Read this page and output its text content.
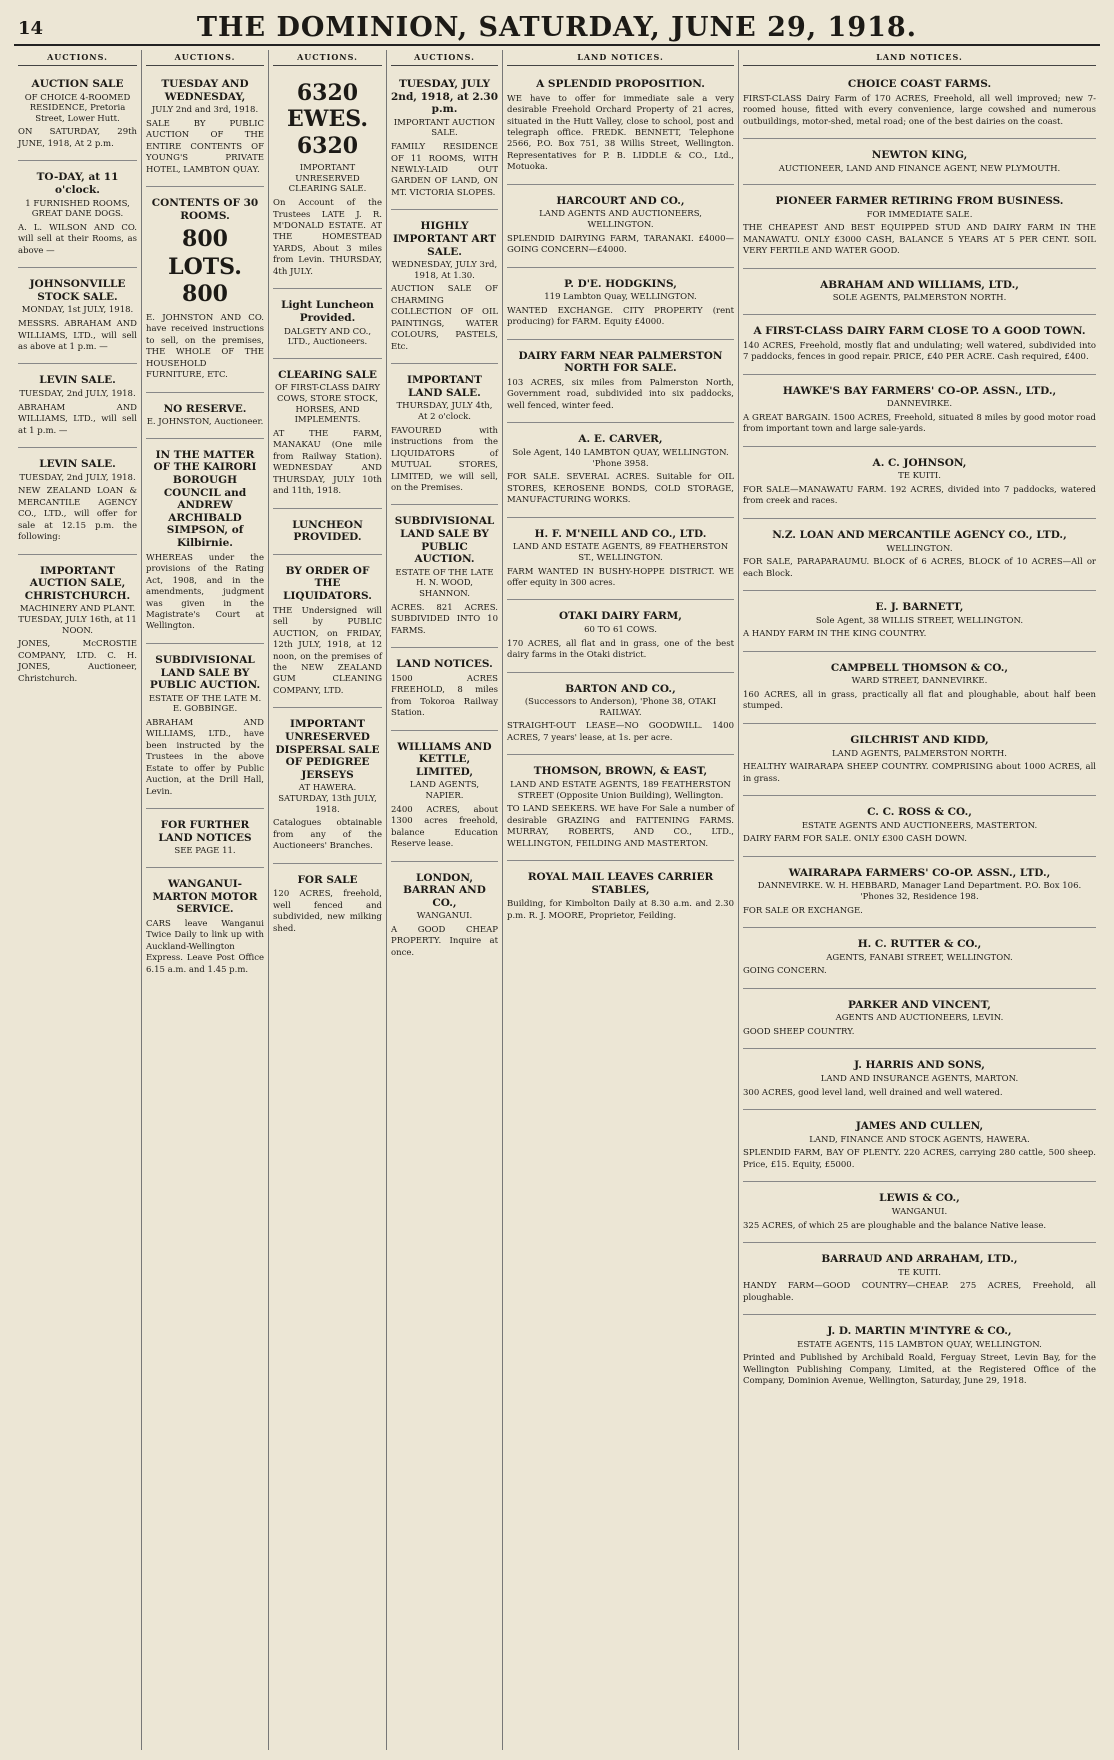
14	THE DOMINION, SATURDAY, JUNE 29, 1918.
AUCTIONS.
AUCTION SALE
OF CHOICE 4-ROOMED RESIDENCE, Pretoria Street, Lower Hutt.
ON SATURDAY, 29th JUNE, 1918, At 2 p.m.
TO-DAY, at 11 o'clock.
1 FURNISHED ROOMS, GREAT DANE DOGS.
A. L. WILSON AND CO. will sell at their Rooms, as above —
JOHNSONVILLE STOCK SALE.
MONDAY, 1st JULY, 1918.
MESSRS. ABRAHAM AND WILLIAMS, LTD., will sell as above at 1 p.m. —
LEVIN SALE.
TUESDAY, 2nd JULY, 1918.
ABRAHAM AND WILLIAMS, LTD., will sell at 1 p.m. —
LEVIN SALE.
TUESDAY, 2nd JULY, 1918.
NEW ZEALAND LOAN & MERCANTILE AGENCY CO., LTD., will offer for sale at 12.15 p.m. the following:
IMPORTANT AUCTION SALE, CHRISTCHURCH.
MACHINERY AND PLANT. TUESDAY, JULY 16th, at 11 NOON.
JONES, McCROSTIE COMPANY, LTD. C. H. JONES, Auctioneer, Christchurch.
AUCTIONS.
TUESDAY AND WEDNESDAY,
JULY 2nd and 3rd, 1918.
SALE BY PUBLIC AUCTION OF THE ENTIRE CONTENTS OF YOUNG'S PRIVATE HOTEL, LAMBTON QUAY.
CONTENTS OF 30 ROOMS.
800 LOTS. 800
E. JOHNSTON AND CO. have received instructions to sell, on the premises, THE WHOLE OF THE HOUSEHOLD FURNITURE, ETC.
NO RESERVE.
E. JOHNSTON, Auctioneer.
IN THE MATTER OF THE KAIRORI BOROUGH COUNCIL and ANDREW ARCHIBALD SIMPSON, of Kilbirnie.
WHEREAS under the provisions of the Rating Act, 1908, and in the amendments, judgment was given in the Magistrate's Court at Wellington.
SUBDIVISIONAL LAND SALE BY PUBLIC AUCTION.
ESTATE OF THE LATE M. E. GOBBINGE.
ABRAHAM AND WILLIAMS, LTD., have been instructed by the Trustees in the above Estate to offer by Public Auction, at the Drill Hall, Levin.
FOR FURTHER LAND NOTICES
SEE PAGE 11.
WANGANUI-MARTON MOTOR SERVICE.
CARS leave Wanganui Twice Daily to link up with Auckland-Wellington Express. Leave Post Office 6.15 a.m. and 1.45 p.m.
AUCTIONS.
6320 EWES. 6320
IMPORTANT UNRESERVED CLEARING SALE.
On Account of the Trustees LATE J. R. M'DONALD ESTATE. AT THE HOMESTEAD YARDS, About 3 miles from Levin. THURSDAY, 4th JULY.
Light Luncheon Provided.
DALGETY AND CO., LTD., Auctioneers.
CLEARING SALE
OF FIRST-CLASS DAIRY COWS, STORE STOCK, HORSES, AND IMPLEMENTS.
AT THE FARM, MANAKAU (One mile from Railway Station). WEDNESDAY AND THURSDAY, JULY 10th and 11th, 1918.
LUNCHEON PROVIDED.
BY ORDER OF THE LIQUIDATORS.
THE Undersigned will sell by PUBLIC AUCTION, on FRIDAY, 12th JULY, 1918, at 12 noon, on the premises of the NEW ZEALAND GUM CLEANING COMPANY, LTD.
IMPORTANT UNRESERVED DISPERSAL SALE OF PEDIGREE JERSEYS
AT HAWERA. SATURDAY, 13th JULY, 1918.
Catalogues obtainable from any of the Auctioneers' Branches.
FOR SALE
120 ACRES, freehold, well fenced and subdivided, new milking shed.
AUCTIONS.
TUESDAY, JULY 2nd, 1918, at 2.30 p.m.
IMPORTANT AUCTION SALE.
FAMILY RESIDENCE OF 11 ROOMS, WITH NEWLY-LAID OUT GARDEN OF LAND, ON MT. VICTORIA SLOPES.
HIGHLY IMPORTANT ART SALE.
WEDNESDAY, JULY 3rd, 1918, At 1.30.
AUCTION SALE OF CHARMING COLLECTION OF OIL PAINTINGS, WATER COLOURS, PASTELS, Etc.
IMPORTANT LAND SALE.
THURSDAY, JULY 4th, At 2 o'clock.
FAVOURED with instructions from the LIQUIDATORS of MUTUAL STORES, LIMITED, we will sell, on the Premises.
SUBDIVISIONAL LAND SALE BY PUBLIC AUCTION.
ESTATE OF THE LATE H. N. WOOD, SHANNON.
ACRES. 821 ACRES. SUBDIVIDED INTO 10 FARMS.
LAND NOTICES.
1500 ACRES FREEHOLD, 8 miles from Tokoroa Railway Station.
WILLIAMS AND KETTLE, LIMITED,
LAND AGENTS, NAPIER.
2400 ACRES, about 1300 acres freehold, balance Education Reserve lease.
LONDON, BARRAN AND CO.,
WANGANUI.
A GOOD CHEAP PROPERTY. Inquire at once.
LAND NOTICES.
A SPLENDID PROPOSITION.
WE have to offer for immediate sale a very desirable Freehold Orchard Property of 21 acres, situated in the Hutt Valley, close to school, post and telegraph office. FREDK. BENNETT, Telephone 2566, P.O. Box 751, 38 Willis Street, Wellington. Representatives for P. B. LIDDLE & CO., Ltd., Motuoka.
HARCOURT AND CO.,
LAND AGENTS AND AUCTIONEERS, WELLINGTON.
SPLENDID DAIRYING FARM, TARANAKI. £4000—GOING CONCERN—£4000.
P. D'E. HODGKINS,
119 Lambton Quay, WELLINGTON.
WANTED EXCHANGE. CITY PROPERTY (rent producing) for FARM. Equity £4000.
DAIRY FARM NEAR PALMERSTON NORTH FOR SALE.
103 ACRES, six miles from Palmerston North, Government road, subdivided into six paddocks, well fenced, winter feed.
A. E. CARVER,
Sole Agent, 140 LAMBTON QUAY, WELLINGTON. 'Phone 3958.
FOR SALE. SEVERAL ACRES. Suitable for OIL STORES, KEROSENE BONDS, COLD STORAGE, MANUFACTURING WORKS.
H. F. M'NEILL AND CO., LTD.
LAND AND ESTATE AGENTS, 89 FEATHERSTON ST., WELLINGTON.
FARM WANTED IN BUSHY-HOPPE DISTRICT. WE offer equity in 300 acres.
OTAKI DAIRY FARM,
60 TO 61 COWS.
170 ACRES, all flat and in grass, one of the best dairy farms in the Otaki district.
BARTON AND CO.,
(Successors to Anderson), 'Phone 38, OTAKI RAILWAY.
STRAIGHT-OUT LEASE—NO GOODWILL. 1400 ACRES, 7 years' lease, at 1s. per acre.
THOMSON, BROWN, & EAST,
LAND AND ESTATE AGENTS, 189 FEATHERSTON STREET (Opposite Union Building), Wellington.
TO LAND SEEKERS. WE have For Sale a number of desirable GRAZING and FATTENING FARMS. MURRAY, ROBERTS, AND CO., LTD., WELLINGTON, FEILDING AND MASTERTON.
ROYAL MAIL LEAVES CARRIER STABLES,
Building, for Kimbolton Daily at 8.30 a.m. and 2.30 p.m. R. J. MOORE, Proprietor, Feilding.
LAND NOTICES.
CHOICE COAST FARMS.
FIRST-CLASS Dairy Farm of 170 ACRES, Freehold, all well improved; new 7-roomed house, fitted with every convenience, large cowshed and numerous outbuildings, motor-shed, metal road; one of the best dairies on the coast.
NEWTON KING,
AUCTIONEER, LAND AND FINANCE AGENT, NEW PLYMOUTH.
PIONEER FARMER RETIRING FROM BUSINESS.
FOR IMMEDIATE SALE.
THE CHEAPEST AND BEST EQUIPPED STUD AND DAIRY FARM IN THE MANAWATU. ONLY £3000 CASH, BALANCE 5 YEARS AT 5 PER CENT. SOIL VERY FERTILE AND WATER GOOD.
ABRAHAM AND WILLIAMS, LTD.,
SOLE AGENTS, PALMERSTON NORTH.
A FIRST-CLASS DAIRY FARM CLOSE TO A GOOD TOWN.
140 ACRES, Freehold, mostly flat and undulating; well watered, subdivided into 7 paddocks, fences in good repair. PRICE, £40 PER ACRE. Cash required, £400.
HAWKE'S BAY FARMERS' CO-OP. ASSN., LTD.,
DANNEVIRKE.
A GREAT BARGAIN. 1500 ACRES, Freehold, situated 8 miles by good motor road from important town and large sale-yards.
A. C. JOHNSON,
TE KUITI.
FOR SALE—MANAWATU FARM. 192 ACRES, divided into 7 paddocks, watered from creek and races.
N.Z. LOAN AND MERCANTILE AGENCY CO., LTD.,
WELLINGTON.
FOR SALE, PARAPARAUMU. BLOCK of 6 ACRES, BLOCK of 10 ACRES—All or each Block.
E. J. BARNETT,
Sole Agent, 38 WILLIS STREET, WELLINGTON.
A HANDY FARM IN THE KING COUNTRY.
CAMPBELL THOMSON & CO.,
WARD STREET, DANNEVIRKE.
160 ACRES, all in grass, practically all flat and ploughable, about half been stumped.
GILCHRIST AND KIDD,
LAND AGENTS, PALMERSTON NORTH.
HEALTHY WAIRARAPA SHEEP COUNTRY. COMPRISING about 1000 ACRES, all in grass.
C. C. ROSS & CO.,
ESTATE AGENTS AND AUCTIONEERS, MASTERTON.
DAIRY FARM FOR SALE. ONLY £300 CASH DOWN.
WAIRARAPA FARMERS' CO-OP. ASSN., LTD.,
DANNEVIRKE. W. H. HEBBARD, Manager Land Department. P.O. Box 106. 'Phones 32, Residence 198.
FOR SALE OR EXCHANGE.
H. C. RUTTER & CO.,
AGENTS, FANABI STREET, WELLINGTON.
GOING CONCERN.
PARKER AND VINCENT,
AGENTS AND AUCTIONEERS, LEVIN.
GOOD SHEEP COUNTRY.
J. HARRIS AND SONS,
LAND AND INSURANCE AGENTS, MARTON.
300 ACRES, good level land, well drained and well watered.
JAMES AND CULLEN,
LAND, FINANCE AND STOCK AGENTS, HAWERA.
SPLENDID FARM, BAY OF PLENTY. 220 ACRES, carrying 280 cattle, 500 sheep. Price, £15. Equity, £5000.
LEWIS & CO.,
WANGANUI.
325 ACRES, of which 25 are ploughable and the balance Native lease.
BARRAUD AND ARRAHAM, LTD.,
TE KUITI.
HANDY FARM—GOOD COUNTRY—CHEAP. 275 ACRES, Freehold, all ploughable.
J. D. MARTIN M'INTYRE & CO.,
ESTATE AGENTS, 115 LAMBTON QUAY, WELLINGTON.
Printed and Published by Archibald Roald, Ferguay Street, Levin Bay, for the Wellington Publishing Company, Limited, at the Registered Office of the Company, Dominion Avenue, Wellington, Saturday, June 29, 1918.
